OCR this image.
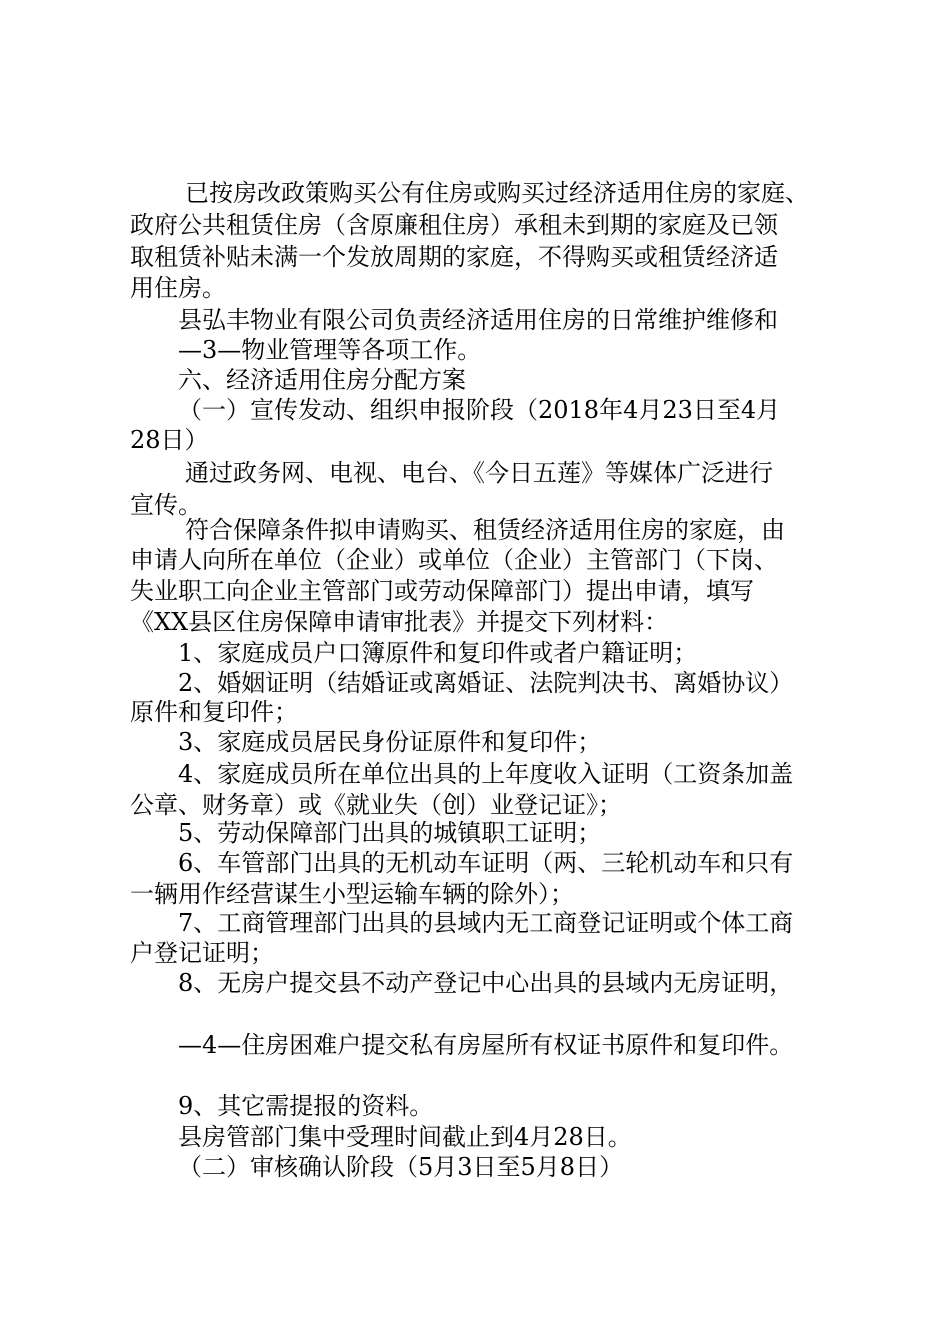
已按房改政策购买公有住房或购买过经济适用住房的家庭、
政府公共租赁住房（含原廉租住房）承租未到期的家庭及已领
取租赁补贴未满一个发放周期的家庭，不得购买或租赁经济适
用住房。
县弘丰物业有限公司负责经济适用住房的日常维护维修和
—3—物业管理等各项工作。
六、经济适用住房分配方案
（一）宣传发动、组织申报阶段（2018年4月23日至4月
28日）
通过政务网、电视、电台、《今日五莲》等媒体广泛进行
宣传。
符合保障条件拟申请购买、租赁经济适用住房的家庭，由
申请人向所在单位（企业）或单位（企业）主管部门（下岗、
失业职工向企业主管部门或劳动保障部门）提出申请，填写
《XX县区住房保障申请审批表》并提交下列材料：
1、家庭成员户口簿原件和复印件或者户籍证明；
2、婚姻证明（结婚证或离婚证、法院判决书、离婚协议）
原件和复印件；
3、家庭成员居民身份证原件和复印件；
4、家庭成员所在单位出具的上年度收入证明（工资条加盖
公章、财务章）或《就业失（创）业登记证》；
5、劳动保障部门出具的城镇职工证明；
6、车管部门出具的无机动车证明（两、三轮机动车和只有
一辆用作经营谋生小型运输车辆的除外）；
7、工商管理部门出具的县域内无工商登记证明或个体工商
户登记证明；
8、无房户提交县不动产登记中心出具的县域内无房证明，
—4—住房困难户提交私有房屋所有权证书原件和复印件。
9、其它需提报的资料。
县房管部门集中受理时间截止到4月28日。
（二）审核确认阶段（5月3日至5月8日）
